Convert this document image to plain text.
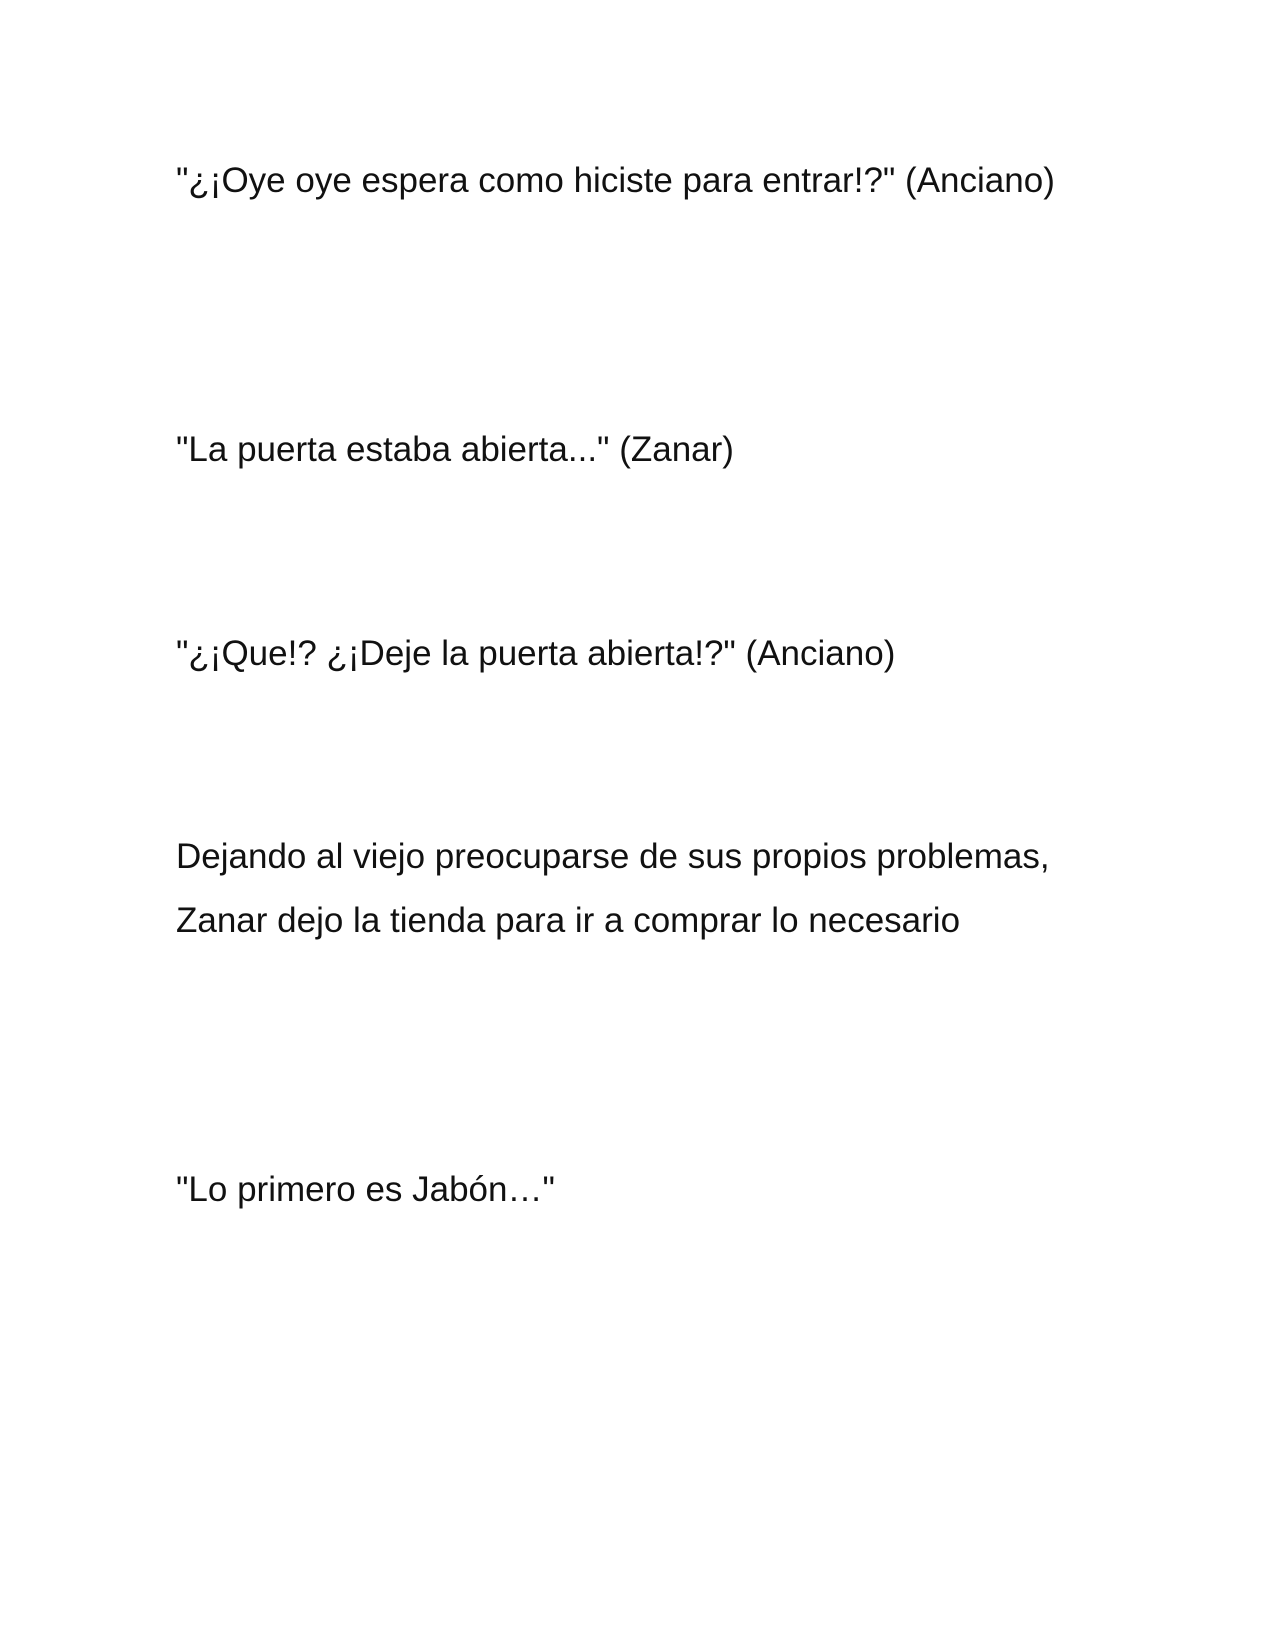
"¿¡Oye oye espera como hiciste para entrar!?" (Anciano)

"La puerta estaba abierta..." (Zanar)

"¿¡Que!? ¿¡Deje la puerta abierta!?" (Anciano)

Dejando al viejo preocuparse de sus propios problemas, Zanar dejo la tienda para ir a comprar lo necesario

"Lo primero es Jabón…"
